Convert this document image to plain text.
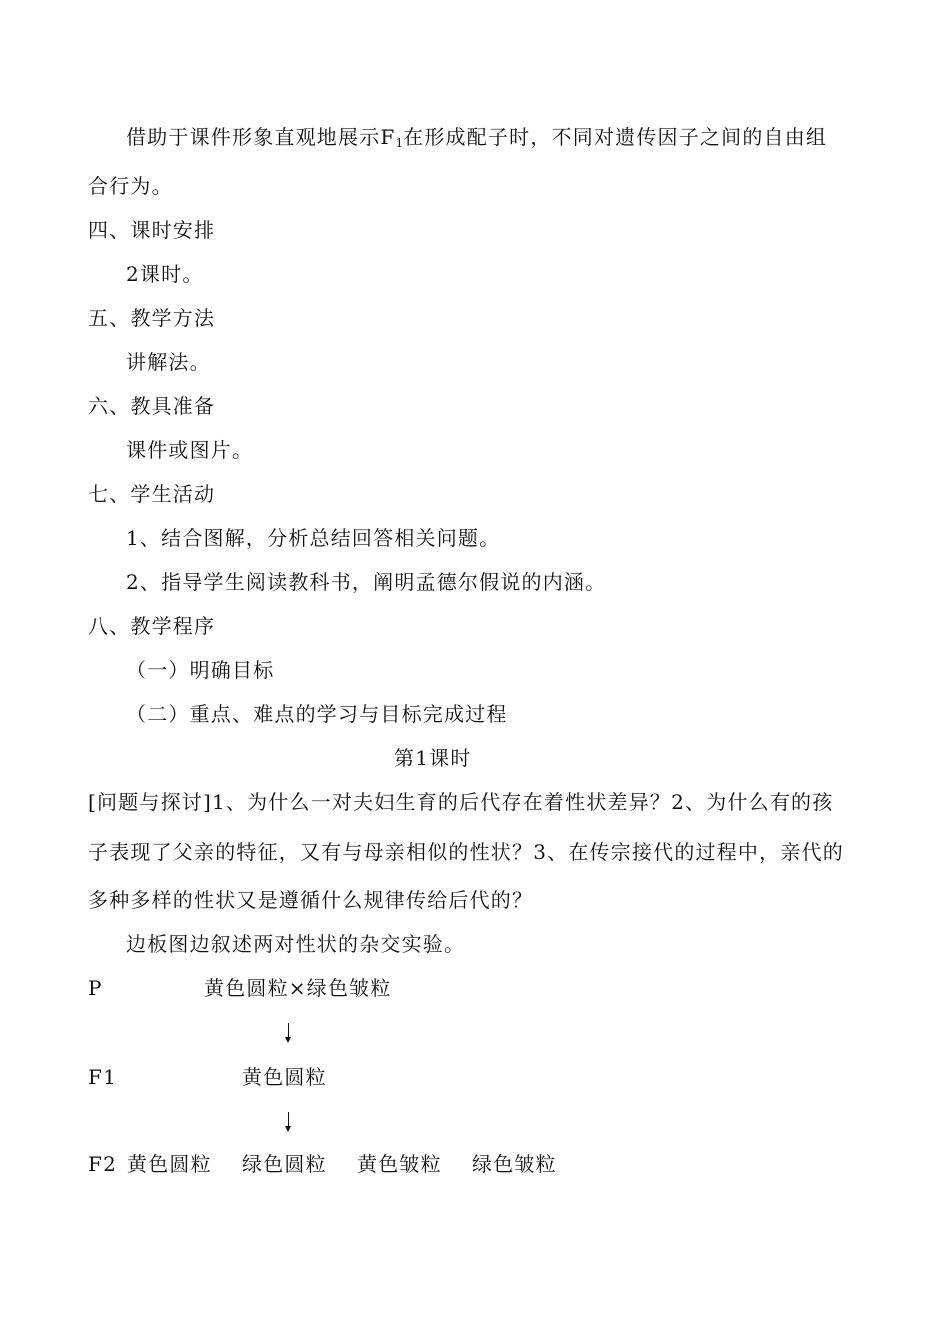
借助于课件形象直观地展示$F_1$在形成配子时，不同对遗传因子之间的自由组
合行为。
四、课时安排
2课时。
五、教学方法
讲解法。
六、教具准备
课件或图片。
七、学生活动
1、结合图解，分析总结回答相关问题。
2、指导学生阅读教科书，阐明孟德尔假说的内涵。
八、教学程序
（一）明确目标
（二）重点、难点的学习与目标完成过程
第1课时
[问题与探讨]1、为什么一对夫妇生育的后代存在着性状差异？2、为什么有的孩
子表现了父亲的特征，又有与母亲相似的性状？3、在传宗接代的过程中，亲代的
多种多样的性状又是遵循什么规律传给后代的？
边板图边叙述两对性状的杂交实验。
P	黄色圆粒×绿色皱粒
F1	黄色圆粒
F2 黄色圆粒 绿色圆粒 黄色皱粒 绿色皱粒
